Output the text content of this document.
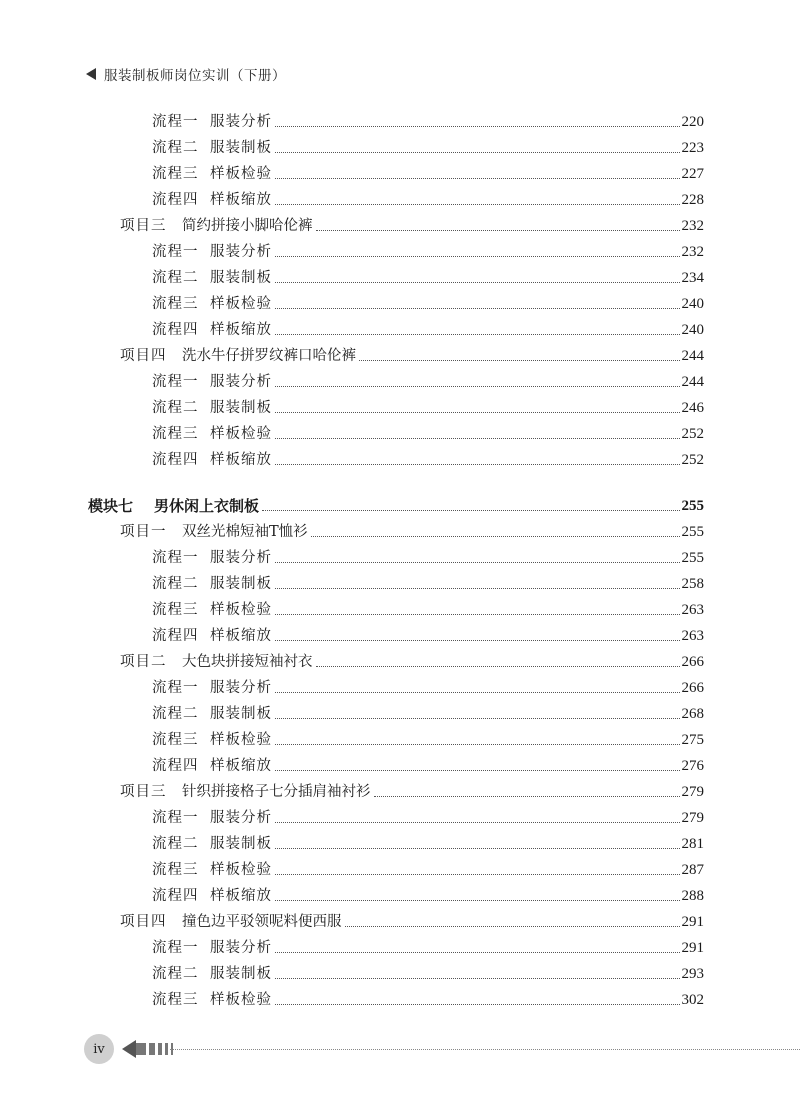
服装制板师岗位实训（下册）
流程一 服装分析	220
流程二 服装制板	223
流程三 样板检验	227
流程四 样板缩放	228
项目三	简约拼接小脚哈伦裤	232
流程一 服装分析	232
流程二 服装制板	234
流程三 样板检验	240
流程四 样板缩放	240
项目四	洗水牛仔拼罗纹裤口哈伦裤	244
流程一 服装分析	244
流程二 服装制板	246
流程三 样板检验	252
流程四 样板缩放	252
模块七	男休闲上衣制板	255
项目一	双丝光棉短袖T恤衫	255
流程一 服装分析	255
流程二 服装制板	258
流程三 样板检验	263
流程四 样板缩放	263
项目二	大色块拼接短袖衬衣	266
流程一 服装分析	266
流程二 服装制板	268
流程三 样板检验	275
流程四 样板缩放	276
项目三	针织拼接格子七分插肩袖衬衫	279
流程一 服装分析	279
流程二 服装制板	281
流程三 样板检验	287
流程四 样板缩放	288
项目四	撞色边平驳领呢料便西服	291
流程一 服装分析	291
流程二 服装制板	293
流程三 样板检验	302
iv
